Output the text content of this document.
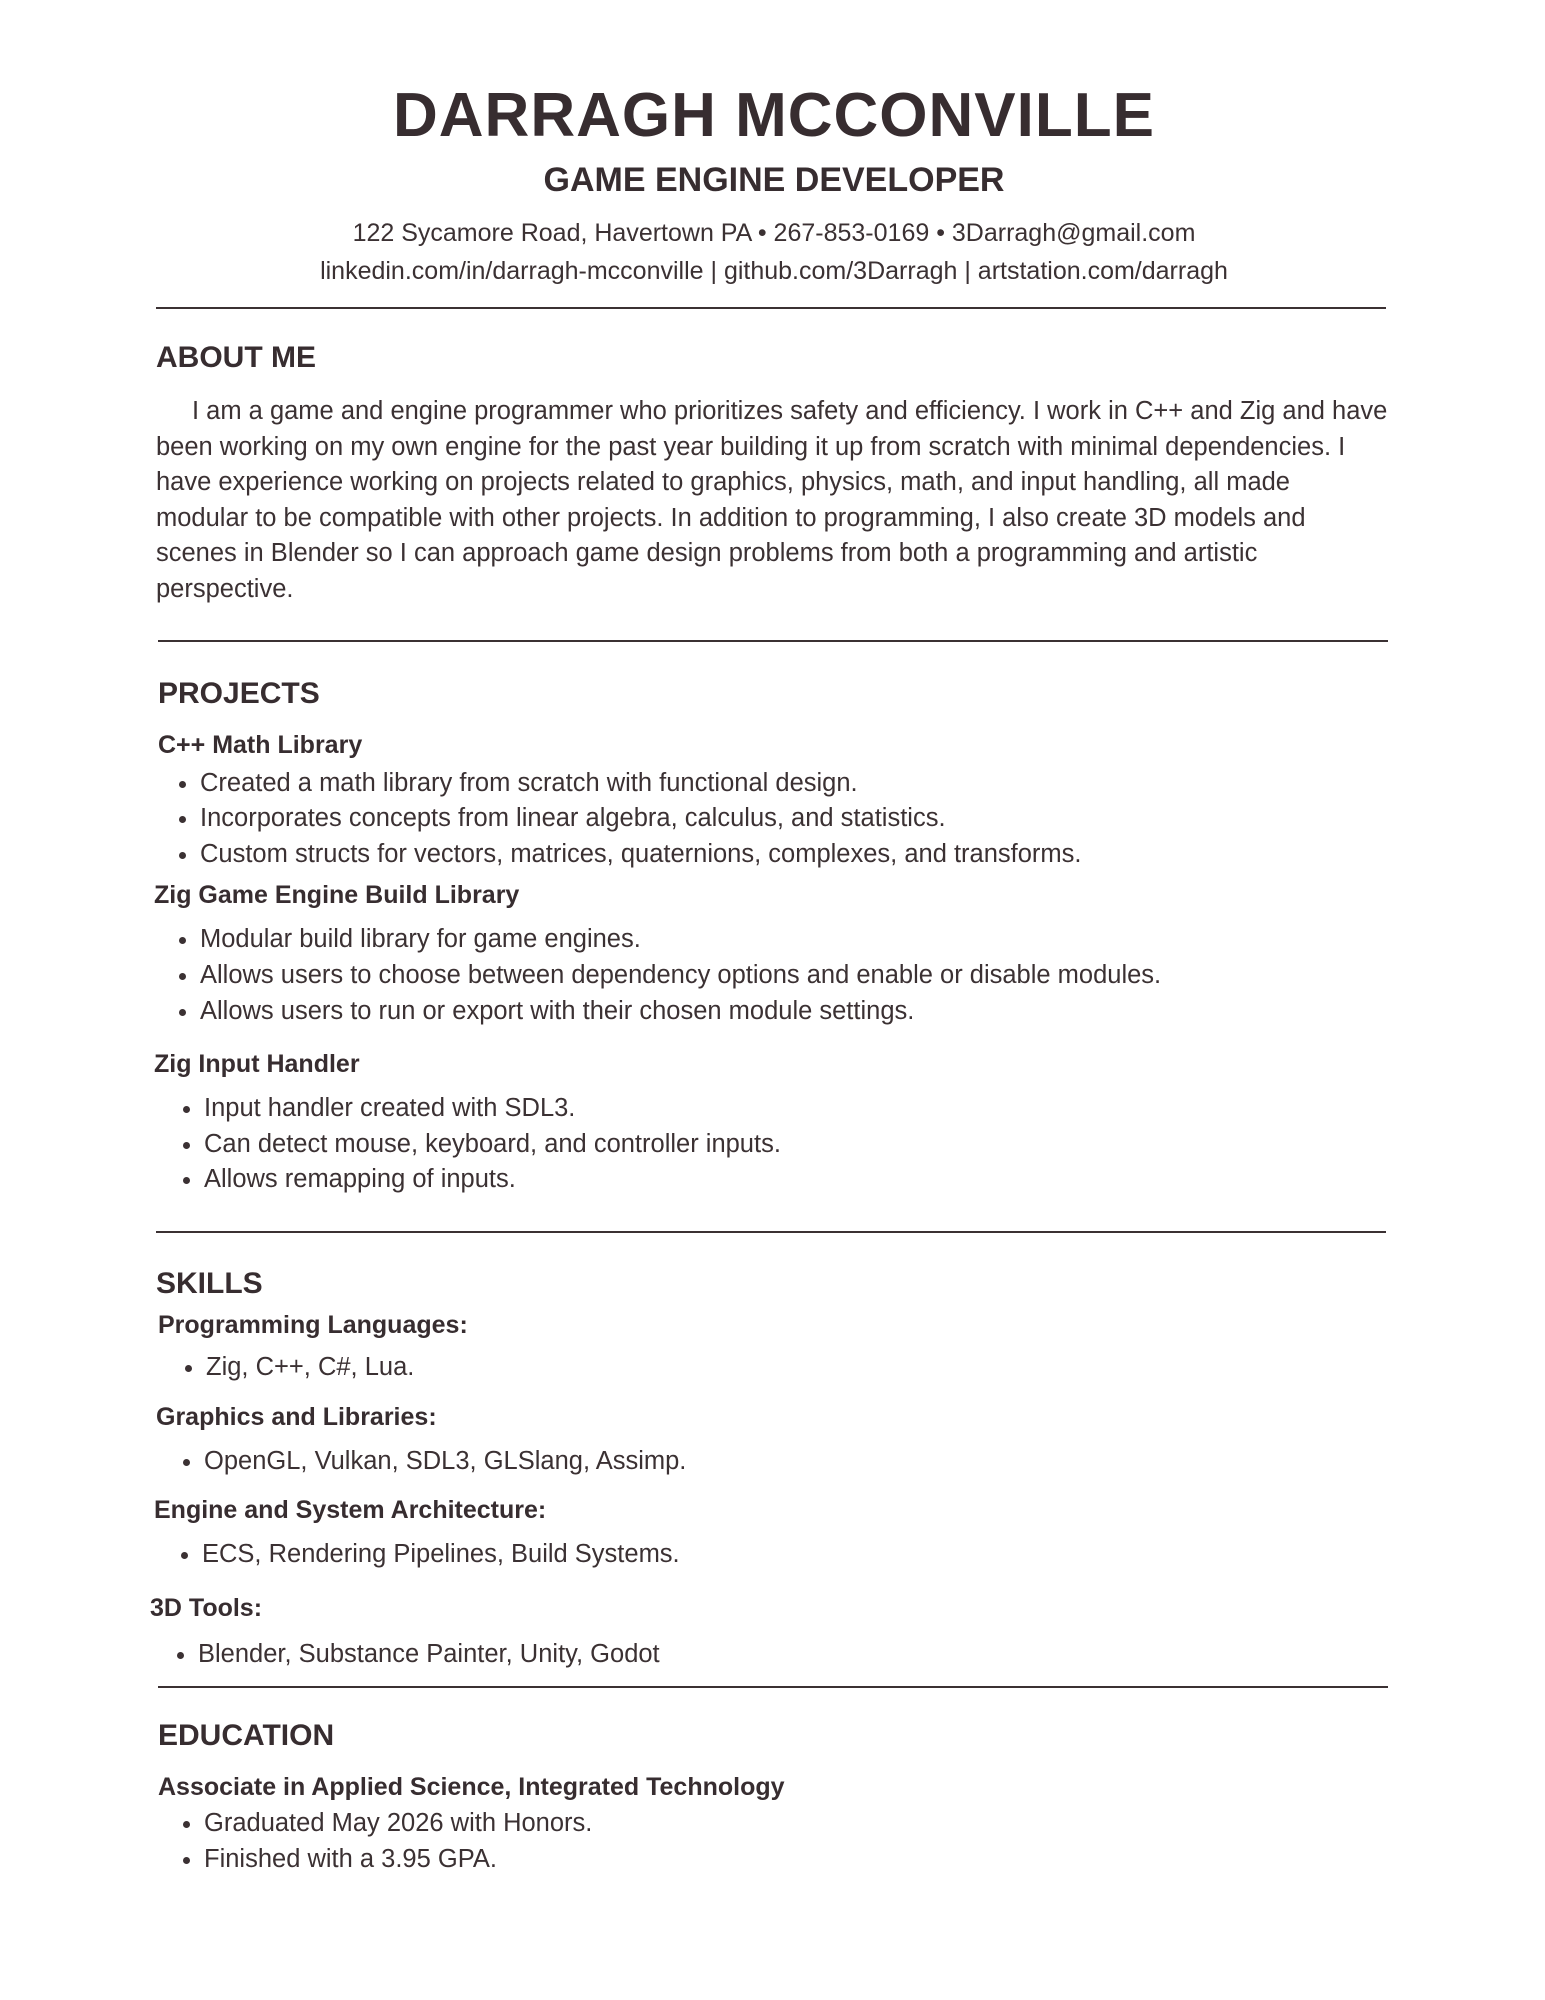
DARRAGH MCCONVILLE
GAME ENGINE DEVELOPER
122 Sycamore Road, Havertown PA • 267-853-0169 • 3Darragh@gmail.com
linkedin.com/in/darragh-mcconville | github.com/3Darragh | artstation.com/darragh
ABOUT ME

I am a game and engine programmer who prioritizes safety and efficiency. I work in C++ and Zig and have been working on my own engine for the past year building it up from scratch with minimal dependencies. I have experience working on projects related to graphics, physics, math, and input handling, all made modular to be compatible with other projects. In addition to programming, I also create 3D models and scenes in Blender so I can approach game design problems from both a programming and artistic perspective.

PROJECTS
C++ Math Library
• Created a math library from scratch with functional design.
• Incorporates concepts from linear algebra, calculus, and statistics.
• Custom structs for vectors, matrices, quaternions, complexes, and transforms.
Zig Game Engine Build Library
• Modular build library for game engines.
• Allows users to choose between dependency options and enable or disable modules.
• Allows users to run or export with their chosen module settings.
Zig Input Handler
• Input handler created with SDL3.
• Can detect mouse, keyboard, and controller inputs.
• Allows remapping of inputs.
SKILLS
Programming Languages:
• Zig, C++, C#, Lua.
Graphics and Libraries:
• OpenGL, Vulkan, SDL3, GLSlang, Assimp.
Engine and System Architecture:
• ECS, Rendering Pipelines, Build Systems.
3D Tools:
• Blender, Substance Painter, Unity, Godot
EDUCATION
Associate in Applied Science, Integrated Technology
• Graduated May 2026 with Honors.
• Finished with a 3.95 GPA.
